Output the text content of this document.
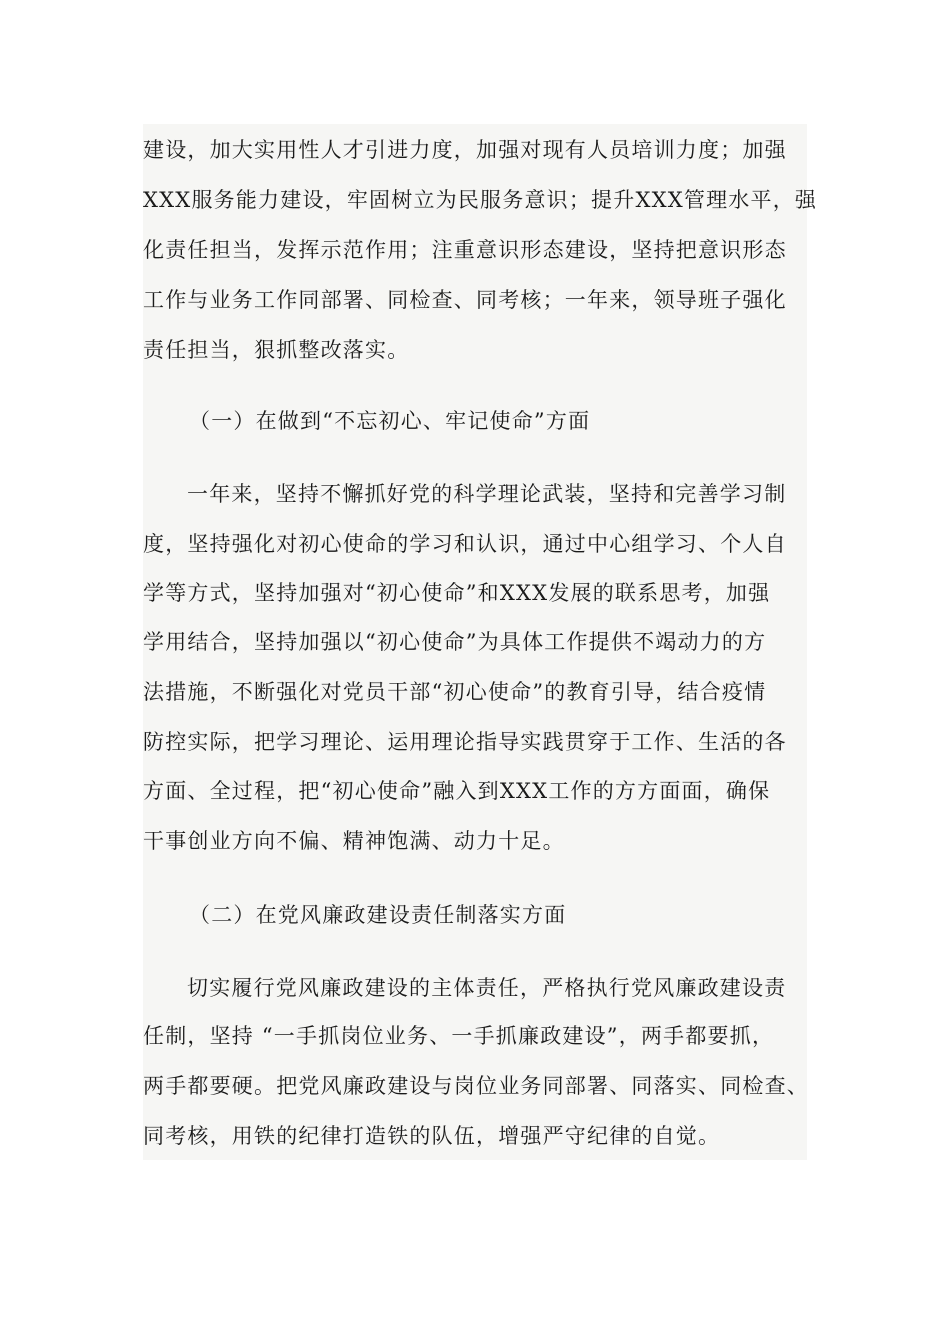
建设，加大实用性人才引进力度，加强对现有人员培训力度；加强
XXX服务能力建设，牢固树立为民服务意识；提升XXX管理水平，强
化责任担当，发挥示范作用；注重意识形态建设，坚持把意识形态
工作与业务工作同部署、同检查、同考核；一年来，领导班子强化
责任担当，狠抓整改落实。
（一）在做到“不忘初心、牢记使命”方面
一年来，坚持不懈抓好党的科学理论武装，坚持和完善学习制
度，坚持强化对初心使命的学习和认识，通过中心组学习、个人自
学等方式，坚持加强对“初心使命”和XXX发展的联系思考，加强
学用结合，坚持加强以“初心使命”为具体工作提供不竭动力的方
法措施，不断强化对党员干部“初心使命”的教育引导，结合疫情
防控实际，把学习理论、运用理论指导实践贯穿于工作、生活的各
方面、全过程，把“初心使命”融入到XXX工作的方方面面，确保
干事创业方向不偏、精神饱满、动力十足。
（二）在党风廉政建设责任制落实方面
切实履行党风廉政建设的主体责任，严格执行党风廉政建设责
任制，坚持 “一手抓岗位业务、一手抓廉政建设”，两手都要抓，
两手都要硬。把党风廉政建设与岗位业务同部署、同落实、同检查、
同考核，用铁的纪律打造铁的队伍，增强严守纪律的自觉。
